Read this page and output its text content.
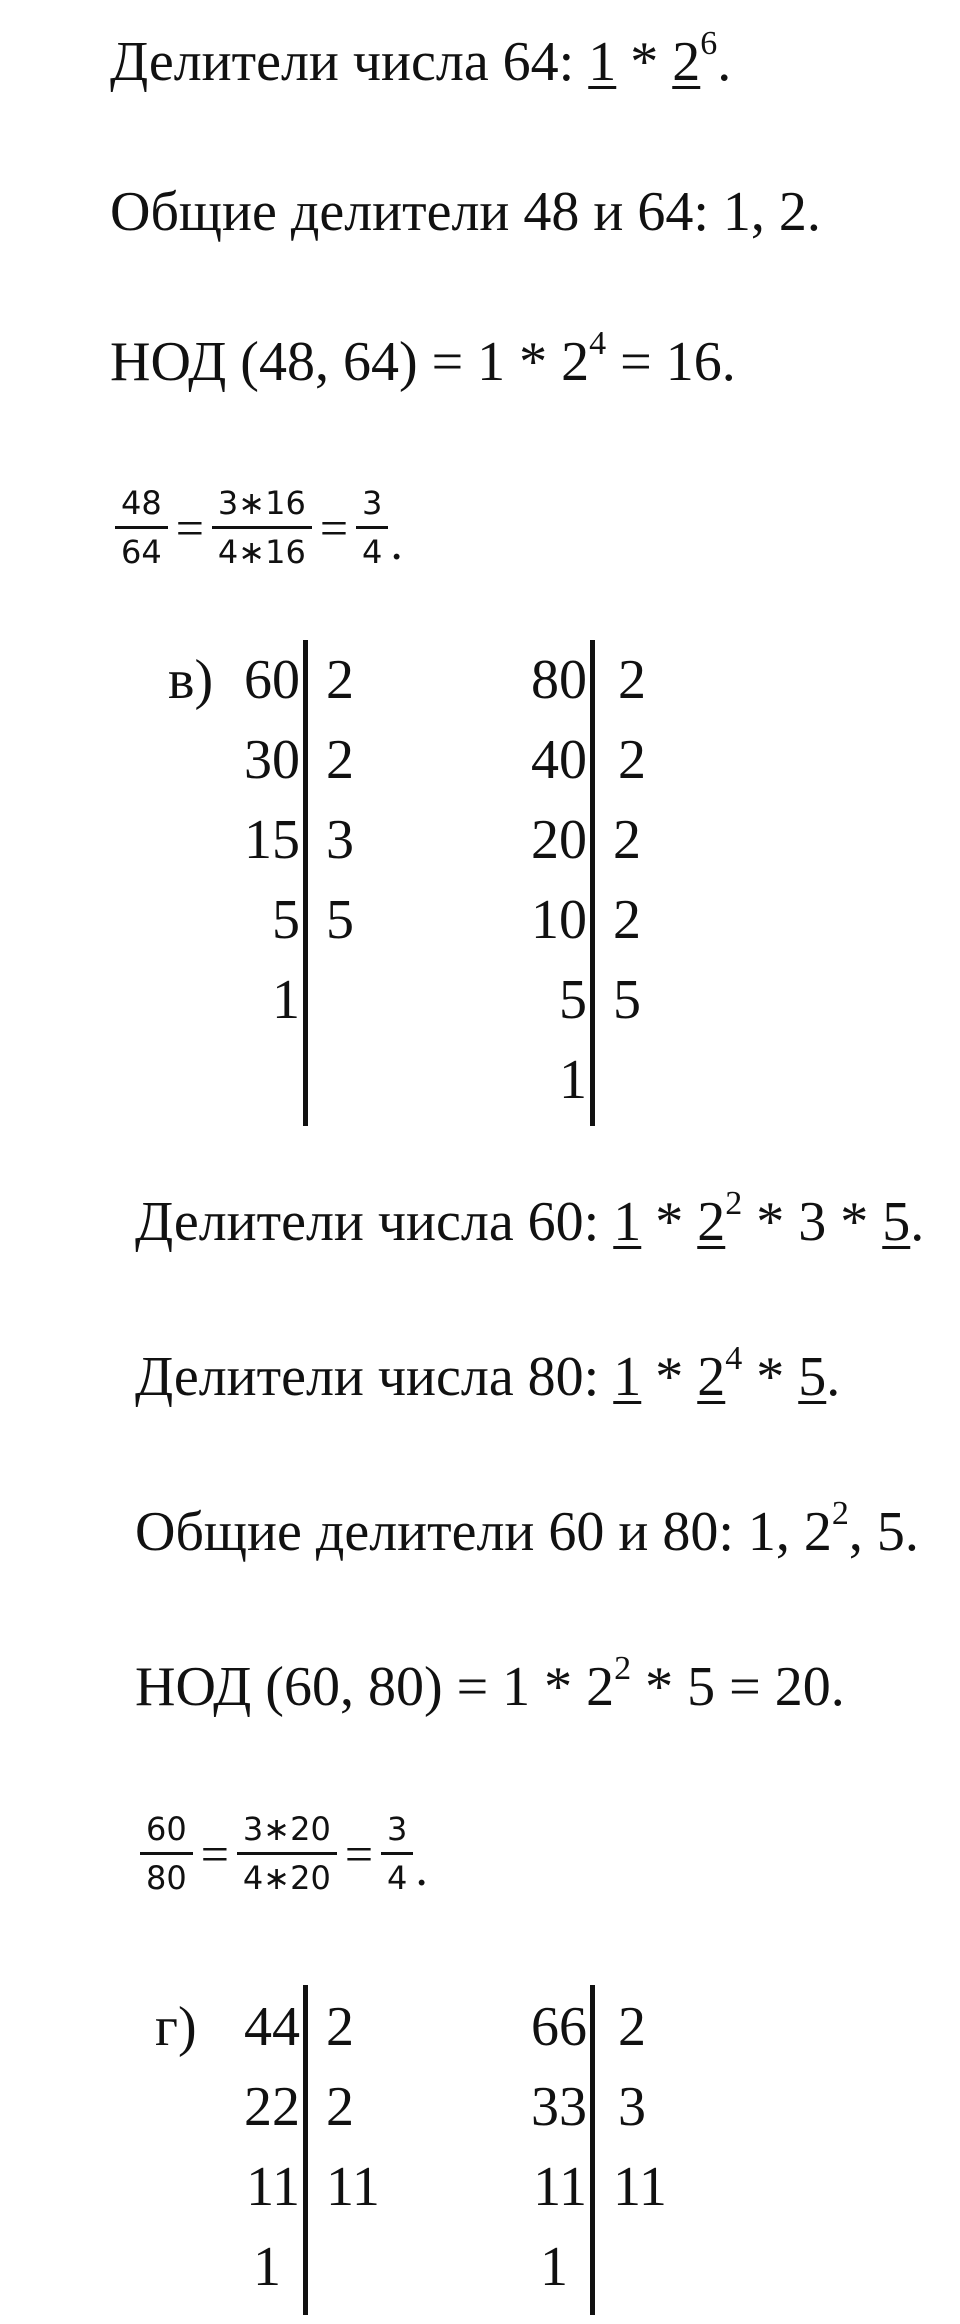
Делители числа 64: $1 * 2^6$.
Общие делители 48 и 64: 1, 2.
НОД (48, $64) = 1 * 2^4 = 16$.
$\frac{48}{64} = \frac{3∗16}{4∗16} = \frac{3}{4}$ .
в) 60
30
15
5
1
2
2
3
5
80
40
20
10
5
1
2
2
2
2
5
Делители числа 60: $1 * 2^2 * 3 * 5$.
Делители числа 80: $1 * 2^4 * 5$.
Общие делители 60 и 80: 1, $2^2$, 5.
НОД (60, $80) = 1 * 2^2 * 5 = 20$.
$\frac{60}{80} = \frac{3∗20}{4∗20} = \frac{3}{4}$ .
г) 44
22
11
1
2
2
11
66
33
11
1
2
3
11
